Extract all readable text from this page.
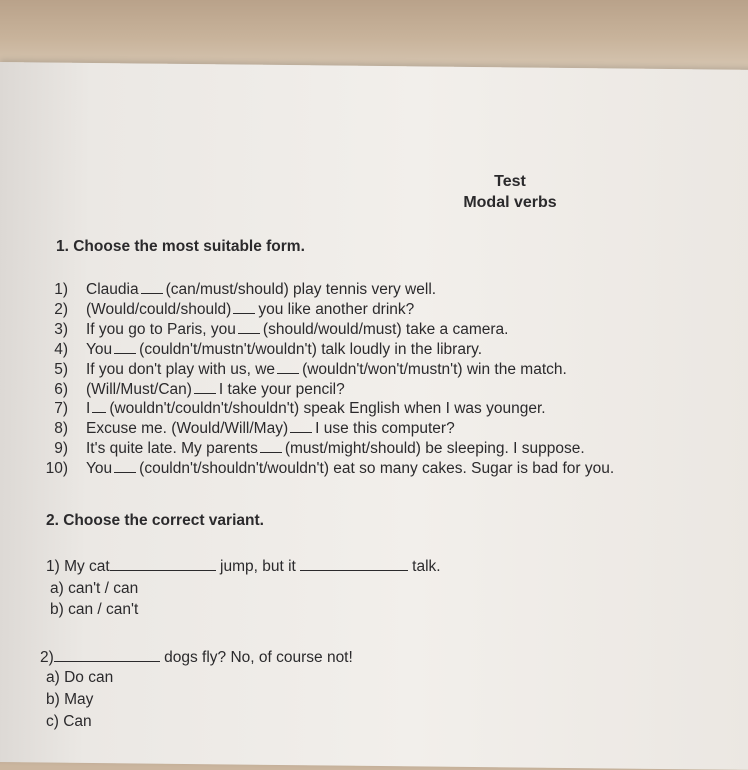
Test
Modal verbs
1. Choose the most suitable form.
1) Claudia (can/must/should) play tennis very well.
2) (Would/could/should) you like another drink?
3) If you go to Paris, you (should/would/must) take a camera.
4) You (couldn't/mustn't/wouldn't) talk loudly in the library.
5) If you don't play with us, we (wouldn't/won't/mustn't) win the match.
6) (Will/Must/Can) I take your pencil?
7) I (wouldn't/couldn't/shouldn't) speak English when I was younger.
8) Excuse me. (Would/Will/May) I use this computer?
9) It's quite late. My parents (must/might/should) be sleeping. I suppose.
10) You (couldn't/shouldn't/wouldn't) eat so many cakes. Sugar is bad for you.
2. Choose the correct variant.
1) My cat	jump, but it	talk.
a) can't / can
b) can / can't
2)	dogs fly? No, of course not!
a) Do can
b) May
c) Can
